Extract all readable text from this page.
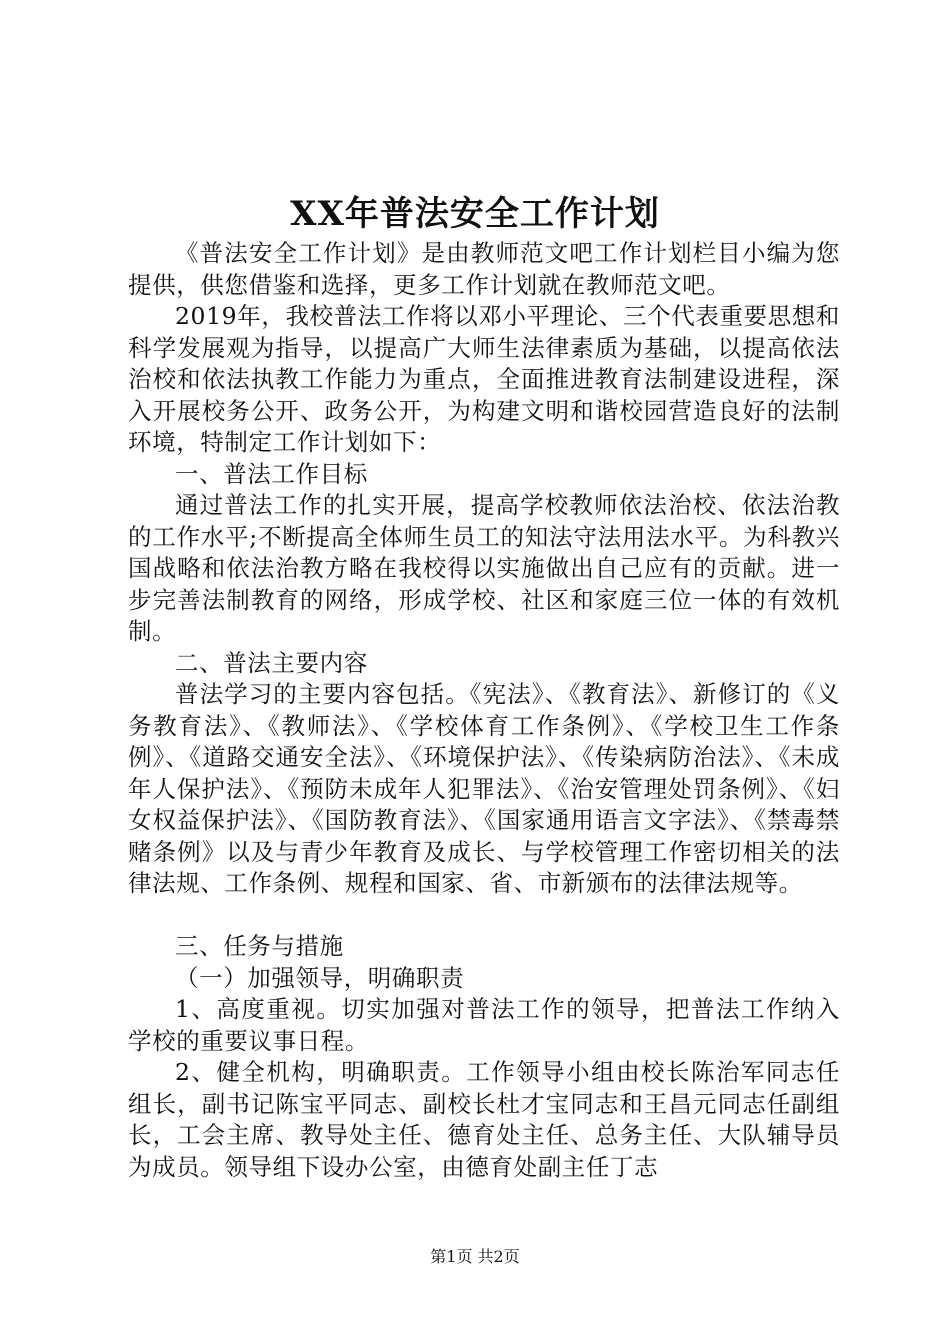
XX年普法安全工作计划

《普法安全工作计划》是由教师范文吧工作计划栏目小编为您提供，供您借鉴和选择，更多工作计划就在教师范文吧。

2019年，我校普法工作将以邓小平理论、三个代表重要思想和科学发展观为指导，以提高广大师生法律素质为基础，以提高依法治校和依法执教工作能力为重点，全面推进教育法制建设进程，深入开展校务公开、政务公开，为构建文明和谐校园营造良好的法制环境，特制定工作计划如下：

一、普法工作目标

通过普法工作的扎实开展，提高学校教师依法治校、依法治教的工作水平;不断提高全体师生员工的知法守法用法水平。为科教兴国战略和依法治教方略在我校得以实施做出自己应有的贡献。进一步完善法制教育的网络，形成学校、社区和家庭三位一体的有效机制。

二、普法主要内容

普法学习的主要内容包括。《宪法》、《教育法》、新修订的《义务教育法》、《教师法》、《学校体育工作条例》、《学校卫生工作条例》、《道路交通安全法》、《环境保护法》、《传染病防治法》、《未成年人保护法》、《预防未成年人犯罪法》、《治安管理处罚条例》、《妇女权益保护法》、《国防教育法》、《国家通用语言文字法》、《禁毒禁赌条例》以及与青少年教育及成长、与学校管理工作密切相关的法律法规、工作条例、规程和国家、省、市新颁布的法律法规等。

三、任务与措施

（一）加强领导，明确职责

1、高度重视。切实加强对普法工作的领导，把普法工作纳入学校的重要议事日程。

2、健全机构，明确职责。工作领导小组由校长陈治军同志任组长，副书记陈宝平同志、副校长杜才宝同志和王昌元同志任副组长，工会主席、教导处主任、德育处主任、总务主任、大队辅导员为成员。领导组下设办公室，由德育处副主任丁志

第1页 共2页
